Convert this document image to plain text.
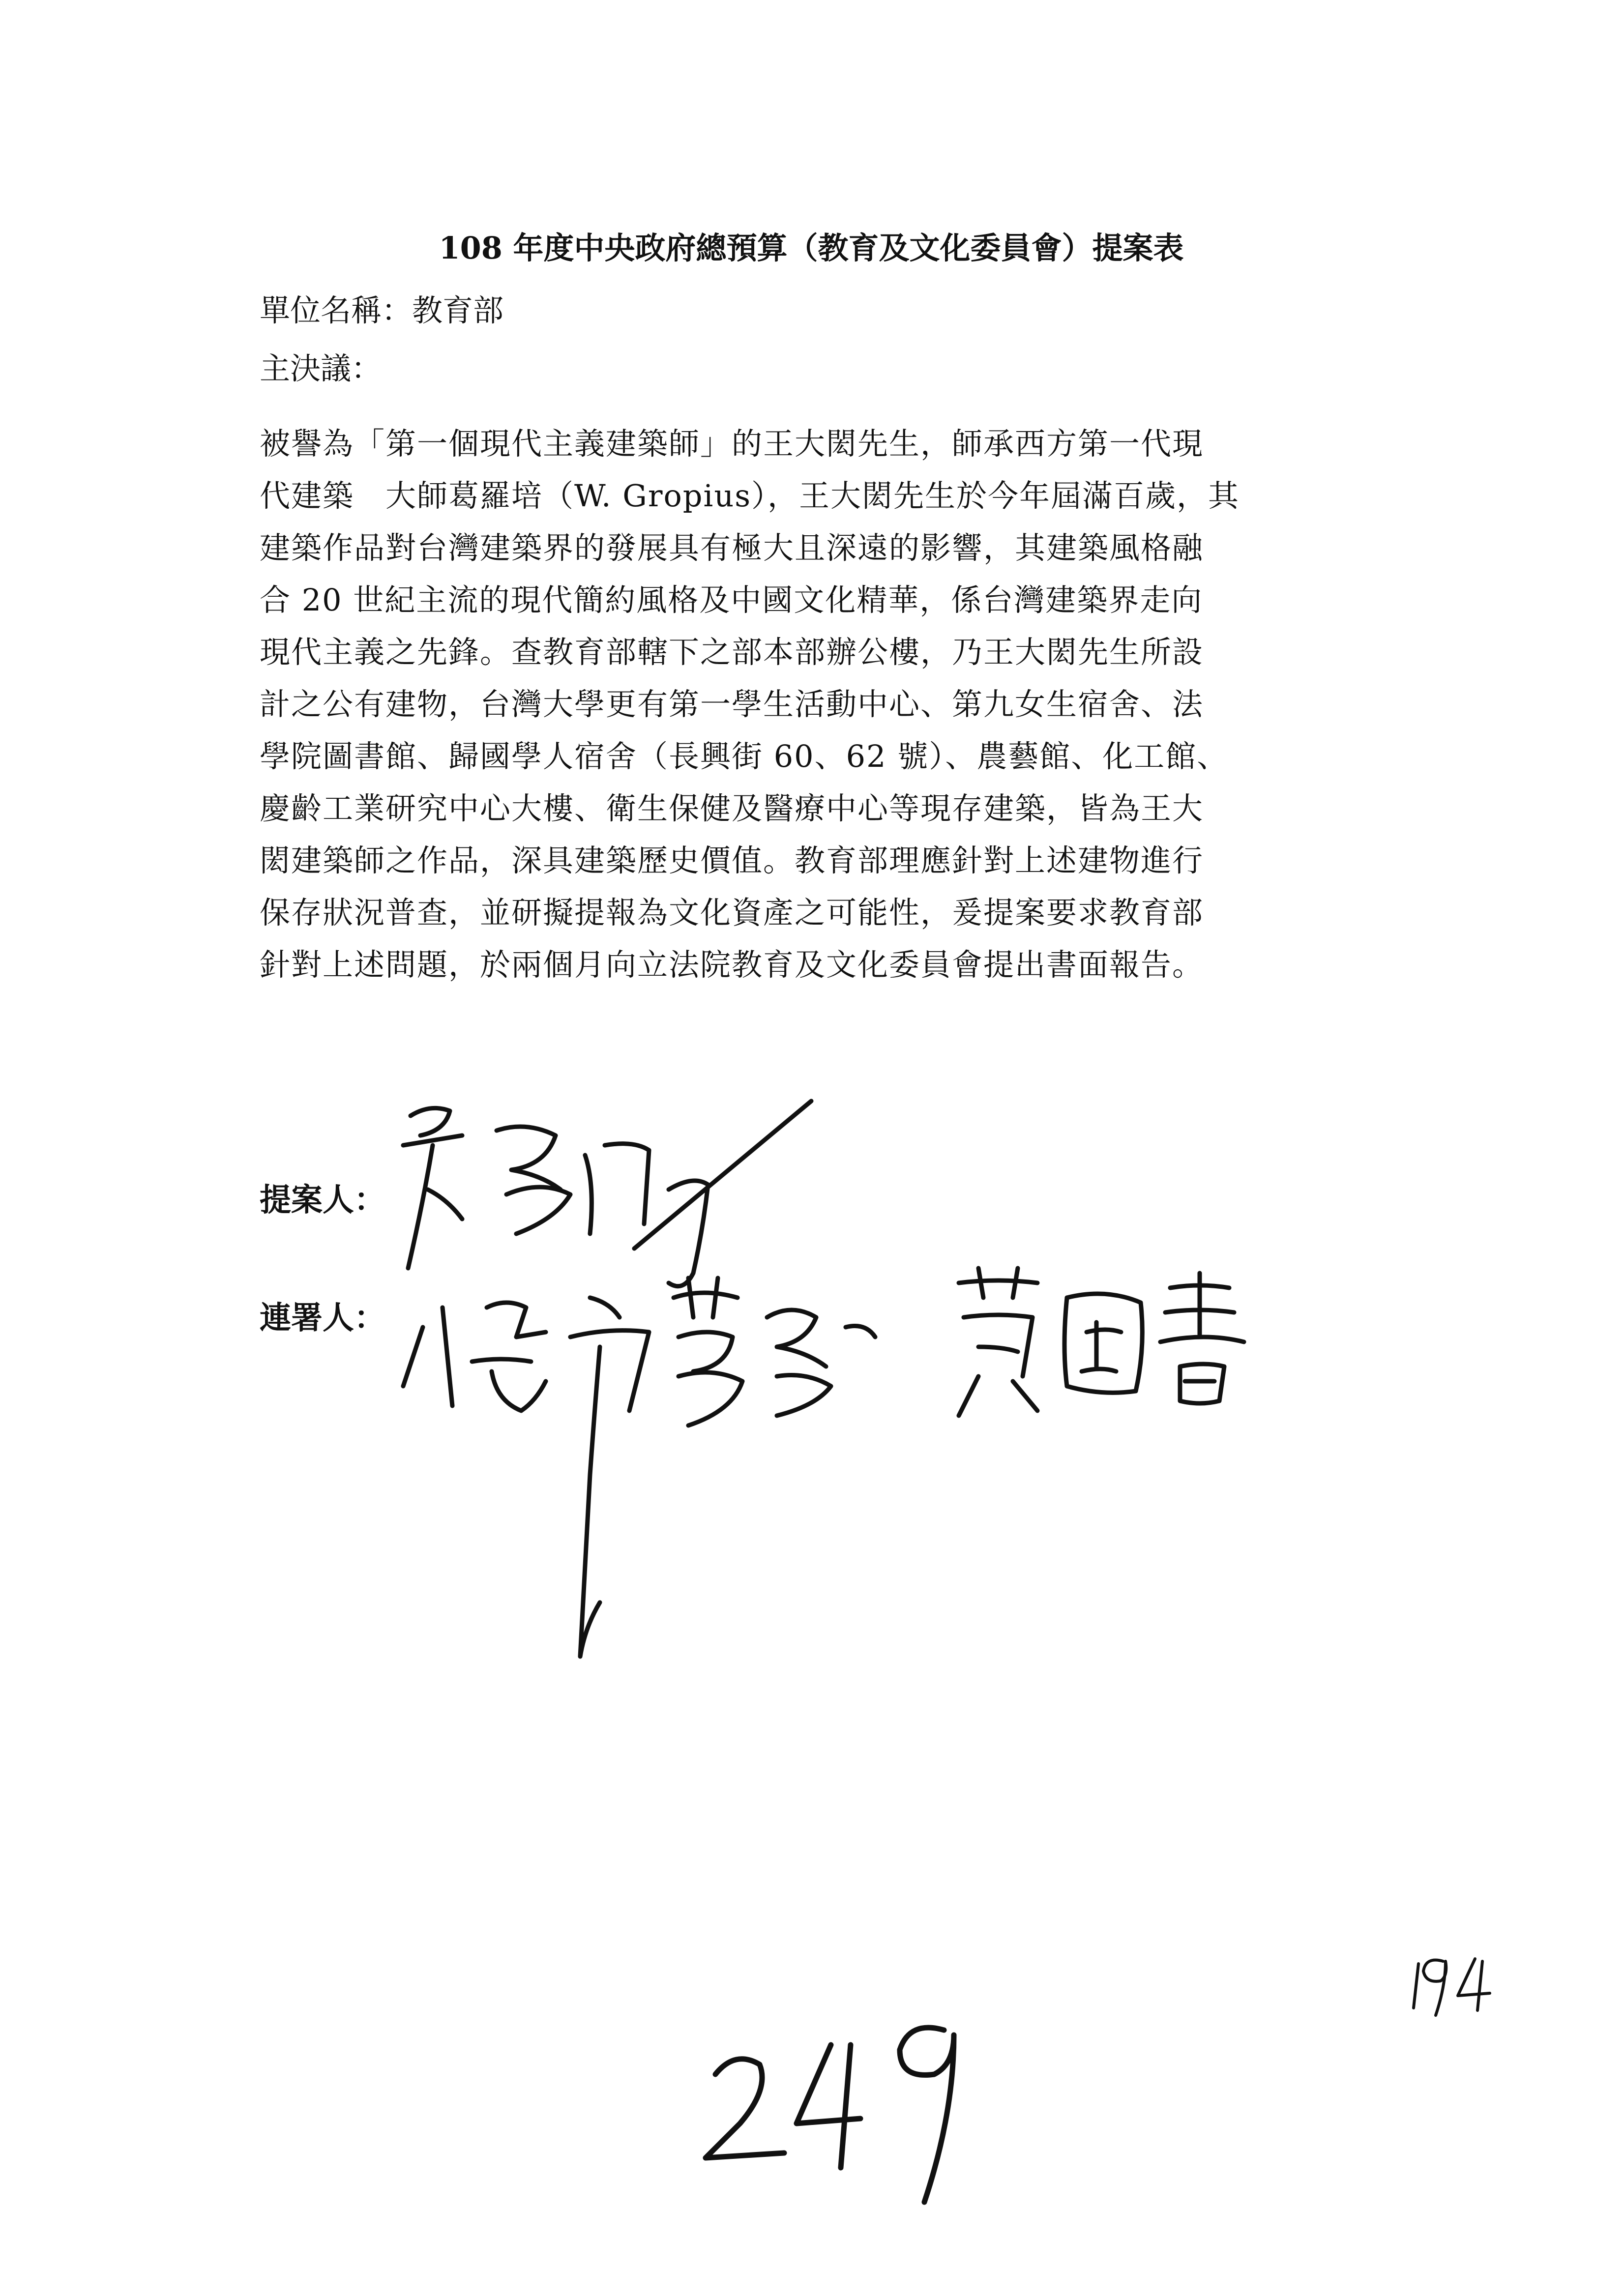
108 年度中央政府總預算（教育及文化委員會）提案表
單位名稱：教育部
主決議：
被譽為「第一個現代主義建築師」的王大閎先生，師承西方第一代現
代建築　大師葛羅培（W. Gropius），王大閎先生於今年屆滿百歲，其
建築作品對台灣建築界的發展具有極大且深遠的影響，其建築風格融
合 20 世紀主流的現代簡約風格及中國文化精華，係台灣建築界走向
現代主義之先鋒。查教育部轄下之部本部辦公樓，乃王大閎先生所設
計之公有建物，台灣大學更有第一學生活動中心、第九女生宿舍、法
學院圖書館、歸國學人宿舍（長興街 60、62 號）、農藝館、化工館、
慶齡工業研究中心大樓、衛生保健及醫療中心等現存建築，皆為王大
閎建築師之作品，深具建築歷史價值。教育部理應針對上述建物進行
保存狀況普查，並研擬提報為文化資產之可能性，爰提案要求教育部
針對上述問題，於兩個月向立法院教育及文化委員會提出書面報告。
提案人：
連署人：
